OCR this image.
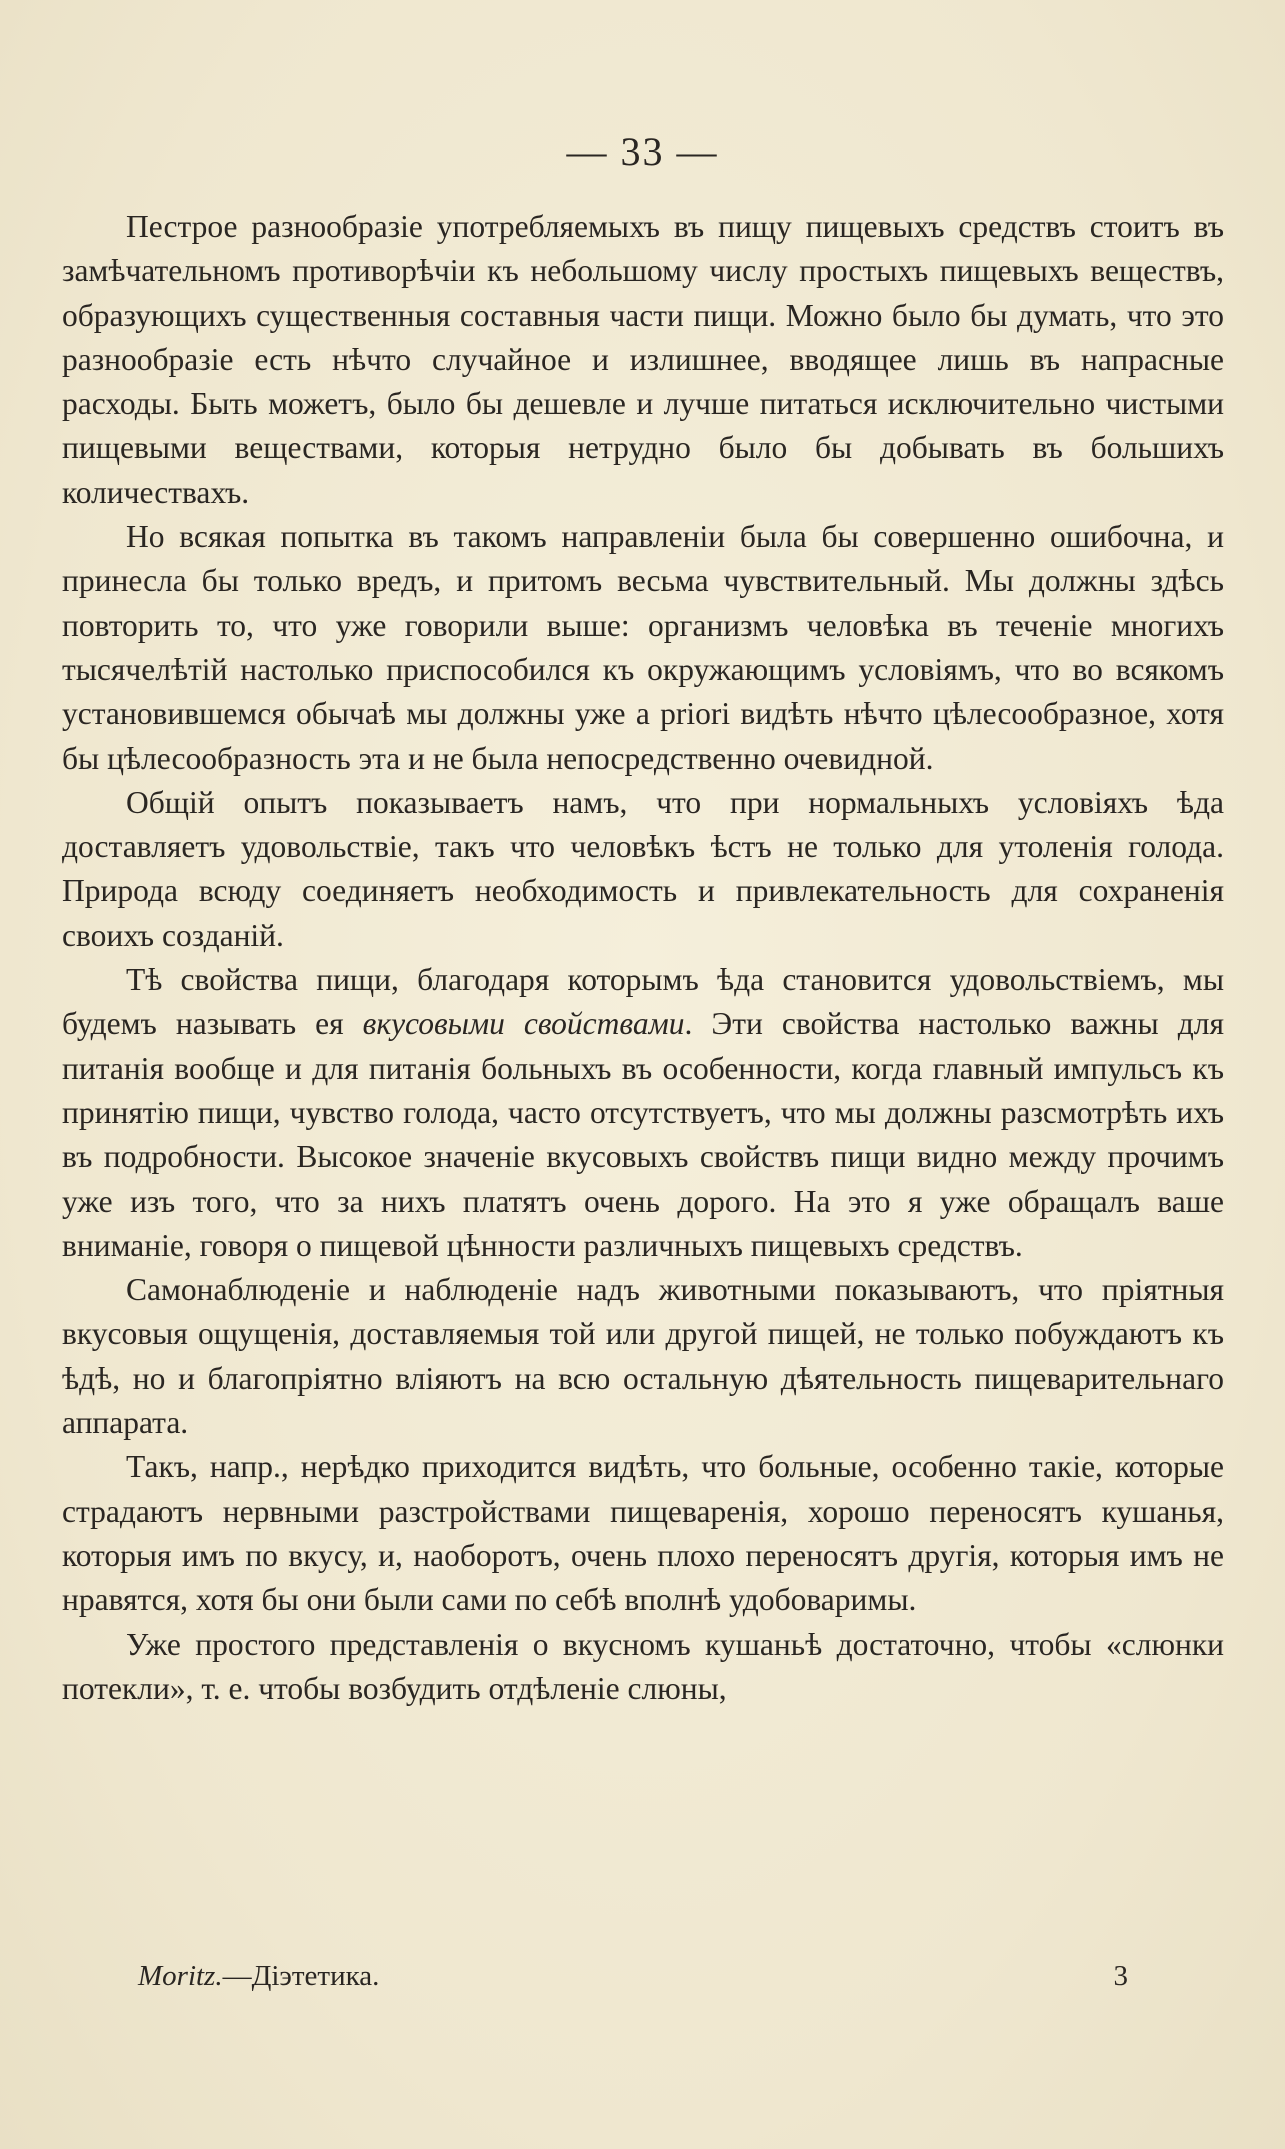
— 33 —

Пестрое разнообразіе употребляемыхъ въ пищу пищевыхъ средствъ стоитъ въ замѣчательномъ противорѣчіи къ небольшому числу простыхъ пищевыхъ веществъ, образующихъ существенныя составныя части пищи. Можно было бы думать, что это разнообразіе есть нѣчто случайное и излишнее, вводящее лишь въ напрасные расходы. Быть можетъ, было бы дешевле и лучше питаться исключительно чистыми пищевыми веществами, которыя нетрудно было бы добывать въ большихъ количествахъ.

Но всякая попытка въ такомъ направленіи была бы совершенно ошибочна, и принесла бы только вредъ, и притомъ весьма чувствительный. Мы должны здѣсь повторить то, что уже говорили выше: организмъ человѣка въ теченіе многихъ тысячелѣтій настолько приспособился къ окружающимъ условіямъ, что во всякомъ установившемся обычаѣ мы должны уже a priori видѣть нѣчто цѣлесообразное, хотя бы цѣлесообразность эта и не была непосредственно очевидной.

Общій опытъ показываетъ намъ, что при нормальныхъ условіяхъ ѣда доставляетъ удовольствіе, такъ что человѣкъ ѣстъ не только для утоленія голода. Природа всюду соединяетъ необходимость и привлекательность для сохраненія своихъ созданій.

Тѣ свойства пищи, благодаря которымъ ѣда становится удовольствіемъ, мы будемъ называть ея вкусовыми свойствами. Эти свойства настолько важны для питанія вообще и для питанія больныхъ въ особенности, когда главный импульсъ къ принятію пищи, чувство голода, часто отсутствуетъ, что мы должны разсмотрѣть ихъ въ подробности. Высокое значеніе вкусовыхъ свойствъ пищи видно между прочимъ уже изъ того, что за нихъ платятъ очень дорого. На это я уже обращалъ ваше вниманіе, говоря о пищевой цѣнности различныхъ пищевыхъ средствъ.

Самонаблюденіе и наблюденіе надъ животными показываютъ, что пріятныя вкусовыя ощущенія, доставляемыя той или другой пищей, не только побуждаютъ къ ѣдѣ, но и благопріятно вліяютъ на всю остальную дѣятельность пищеварительнаго аппарата.

Такъ, напр., нерѣдко приходится видѣть, что больные, особенно такіе, которые страдаютъ нервными разстройствами пищеваренія, хорошо переносятъ кушанья, которыя имъ по вкусу, и, наоборотъ, очень плохо переносятъ другія, которыя имъ не нравятся, хотя бы они были сами по себѣ вполнѣ удобоваримы.

Уже простого представленія о вкусномъ кушаньѣ достаточно, чтобы «слюнки потекли», т. е. чтобы возбудить отдѣленіе слюны,

Moritz.—Діэтетика.	3
